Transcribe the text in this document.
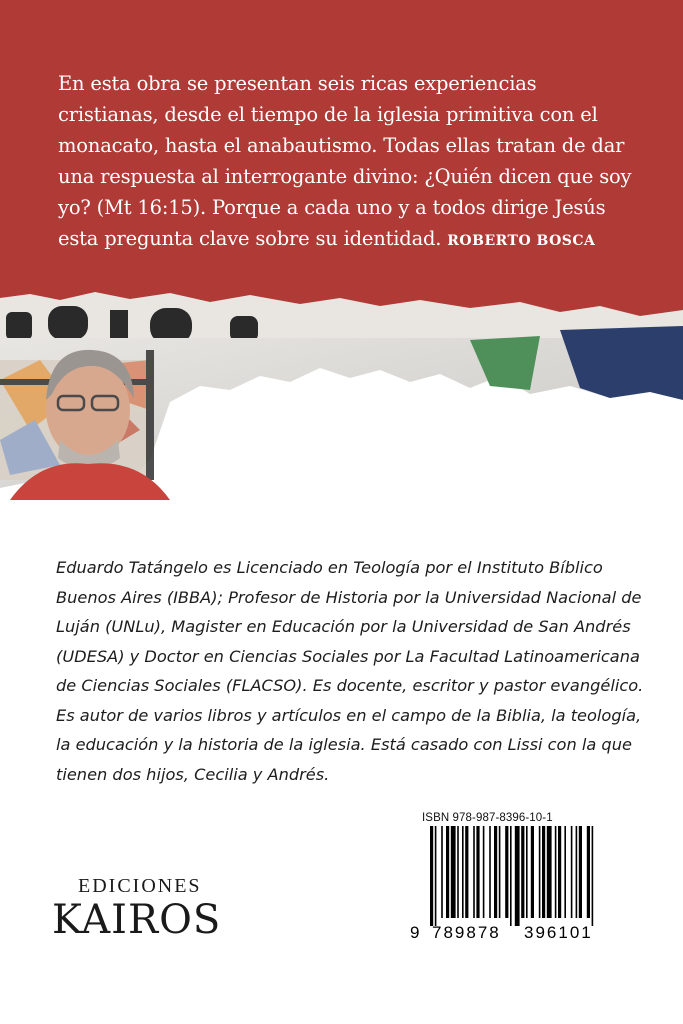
En esta obra se presentan seis ricas experiencias cristianas, desde el tiempo de la iglesia primitiva con el monacato, hasta el anabautismo. Todas ellas tratan de dar una respuesta al interrogante divino: ¿Quién dicen que soy yo? (Mt 16:15). Porque a cada uno y a todos dirige Jesús esta pregunta clave sobre su identidad. ROBERTO BOSCA
Eduardo Tatángelo es Licenciado en Teología por el Instituto Bíblico Buenos Aires (IBBA); Profesor de Historia por la Universidad Nacional de Luján (UNLu), Magister en Educación por la Universidad de San Andrés (UDESA) y Doctor en Ciencias Sociales por La Facultad Latinoamericana de Ciencias Sociales (FLACSO). Es docente, escritor y pastor evangélico. Es autor de varios libros y artículos en el campo de la Biblia, la teología, la educación y la historia de la iglesia. Está casado con Lissi con la que tienen dos hijos, Cecilia y Andrés.
EDICIONES
KAIROS
ISBN 978-987-8396-10-1
9 789878 396101
